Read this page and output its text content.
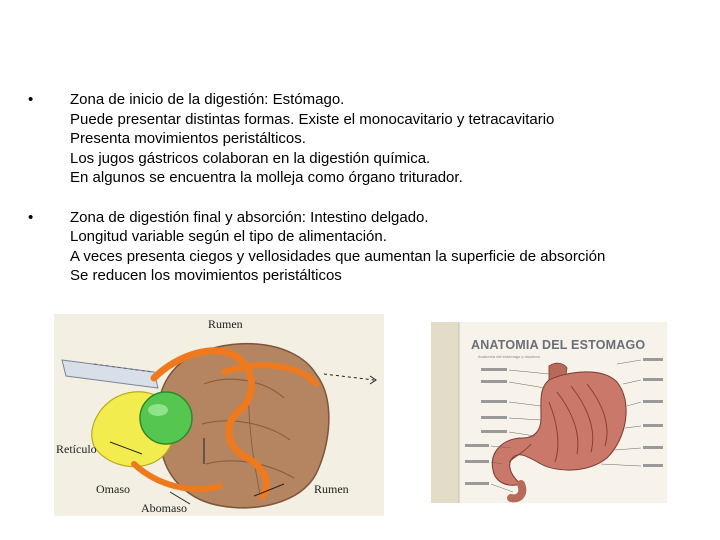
• Zona de inicio de la digestión: Estómago.
Puede presentar distintas formas. Existe el monocavitario y tetracavitario
Presenta movimientos peristálticos.
Los jugos gástricos colaboran en la digestión química.
En algunos se encuentra la molleja como órgano triturador.
• Zona de digestión final y absorción: Intestino delgado.
Longitud variable según el tipo de alimentación.
A veces presenta ciegos y vellosidades que aumentan la superficie de absorción
Se reducen los movimientos peristálticos
Rumen
Retículo
Omaso	Rumen
Abomaso
ANATOMIA DEL ESTOMAGO
Anatomía del estómago y duodeno
